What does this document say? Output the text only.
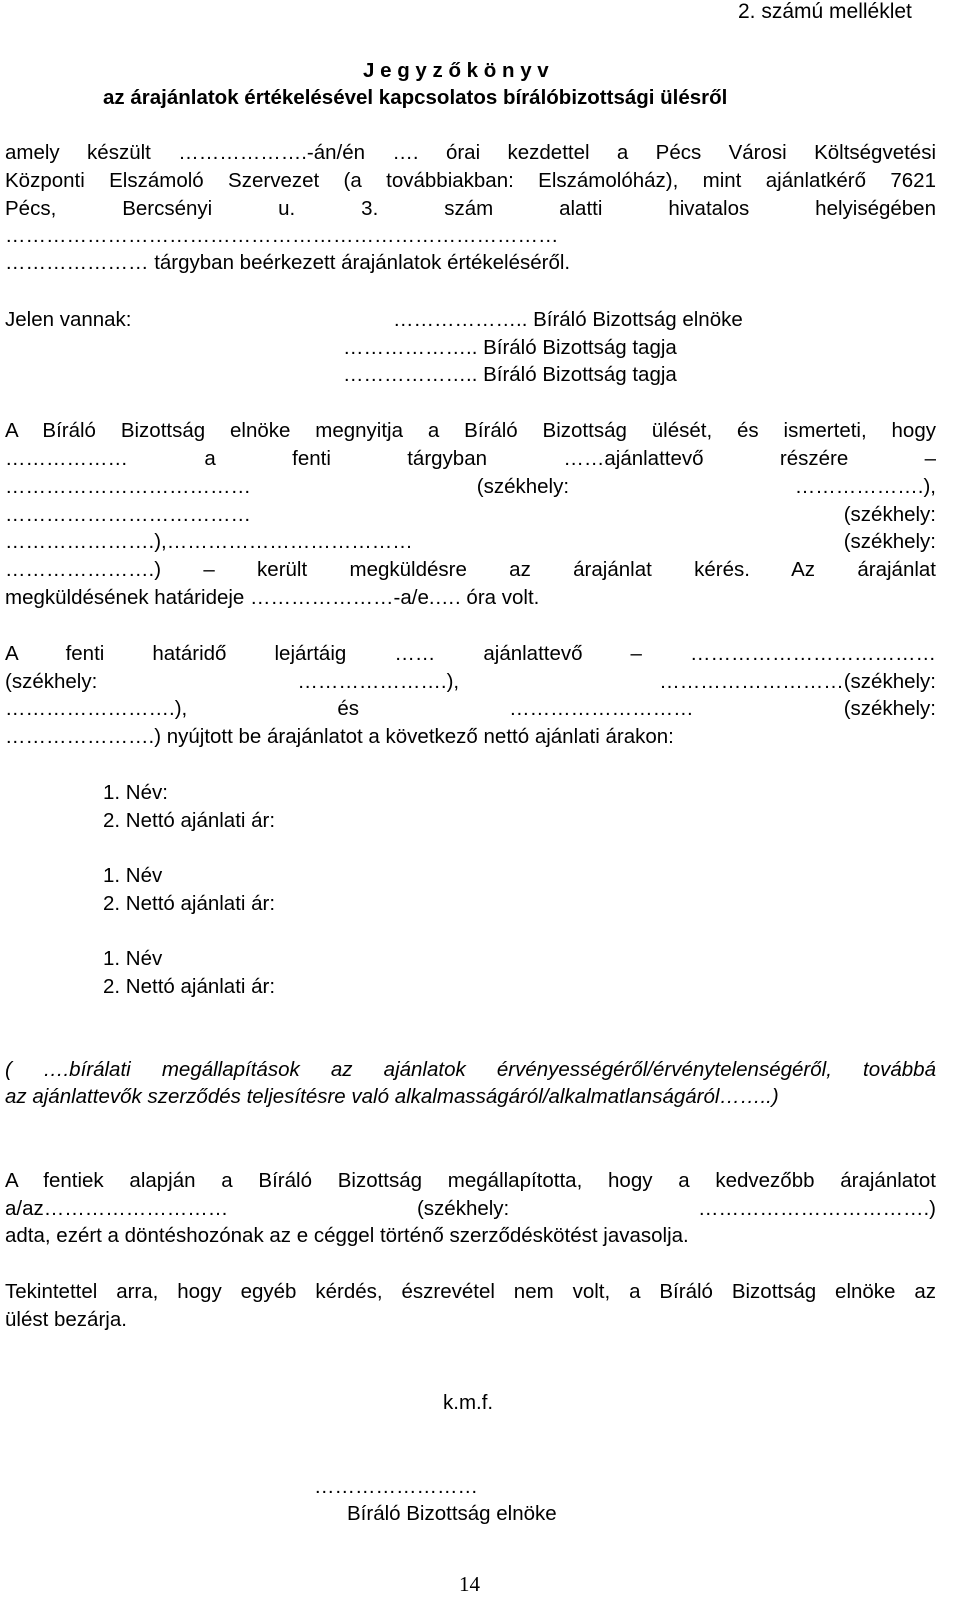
2. számú melléklet
J e g y z ő k ö n y v
az árajánlatok értékelésével kapcsolatos bírálóbizottsági ülésről
amely készült ……………….-án/én …. órai kezdettel a Pécs Városi Költségvetési
Központi Elszámoló Szervezet (a továbbiakban: Elszámolóház), mint ajánlatkérő 7621
Pécs, Bercsényi u. 3. szám alatti hivatalos helyiségében
………………………………………………………………………
………………… tárgyban beérkezett árajánlatok értékeléséről.
Jelen vannak:	……………….. Bíráló Bizottság elnöke
……………….. Bíráló Bizottság tagja
……………….. Bíráló Bizottság tagja
A Bíráló Bizottság elnöke megnyitja a Bíráló Bizottság ülését, és ismerteti, hogy
……………… a fenti tárgyban ……ajánlattevő részére –
……………………………… (székhely: ……………….),
……………………………… (székhely:
………………….),……………………………… (székhely:
………………….) – került megküldésre az árajánlat kérés. Az árajánlat
megküldésének határideje …………………-a/e.…. óra volt.
A fenti határidő lejártáig …… ajánlattevő – ………………………………
(székhely: ………………….), ………………………(székhely:
…………………….), és ……………………… (székhely:
………………….) nyújtott be árajánlatot a következő nettó ajánlati árakon:
1. Név:
2. Nettó ajánlati ár:
1. Név
2. Nettó ajánlati ár:
1. Név
2. Nettó ajánlati ár:
( ….bírálati megállapítások az ajánlatok érvényességéről/érvénytelenségéről, továbbá
az ajánlattevők szerződés teljesítésre való alkalmasságáról/alkalmatlanságáról……..)
A fentiek alapján a Bíráló Bizottság megállapította, hogy a kedvezőbb árajánlatot
a/az……………………… (székhely: …………………………….)
adta, ezért a döntéshozónak az e céggel történő szerződéskötést javasolja.
Tekintettel arra, hogy egyéb kérdés, észrevétel nem volt, a Bíráló Bizottság elnöke az
ülést bezárja.
k.m.f.
……………………
Bíráló Bizottság elnöke
14
